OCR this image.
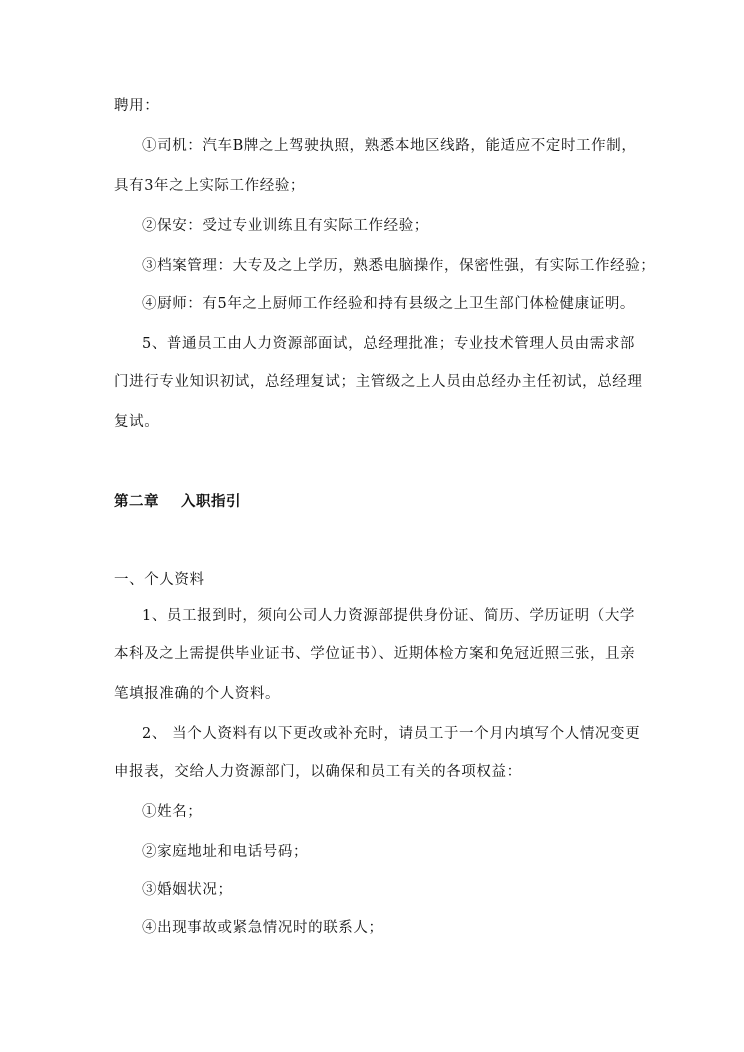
聘用：
①司机：汽车B牌之上驾驶执照，熟悉本地区线路，能适应不定时工作制，
具有3年之上实际工作经验；
②保安：受过专业训练且有实际工作经验；
③档案管理：大专及之上学历，熟悉电脑操作，保密性强，有实际工作经验；
④厨师：有5年之上厨师工作经验和持有县级之上卫生部门体检健康证明。
5、普通员工由人力资源部面试，总经理批准；专业技术管理人员由需求部
门进行专业知识初试，总经理复试；主管级之上人员由总经办主任初试，总经理
复试。
第二章 入职指引
一、个人资料
1、员工报到时，须向公司人力资源部提供身份证、简历、学历证明（大学
本科及之上需提供毕业证书、学位证书）、近期体检方案和免冠近照三张，且亲
笔填报准确的个人资料。
2、 当个人资料有以下更改或补充时，请员工于一个月内填写个人情况变更
申报表，交给人力资源部门，以确保和员工有关的各项权益：
①姓名；
②家庭地址和电话号码；
③婚姻状况；
④出现事故或紧急情况时的联系人；
